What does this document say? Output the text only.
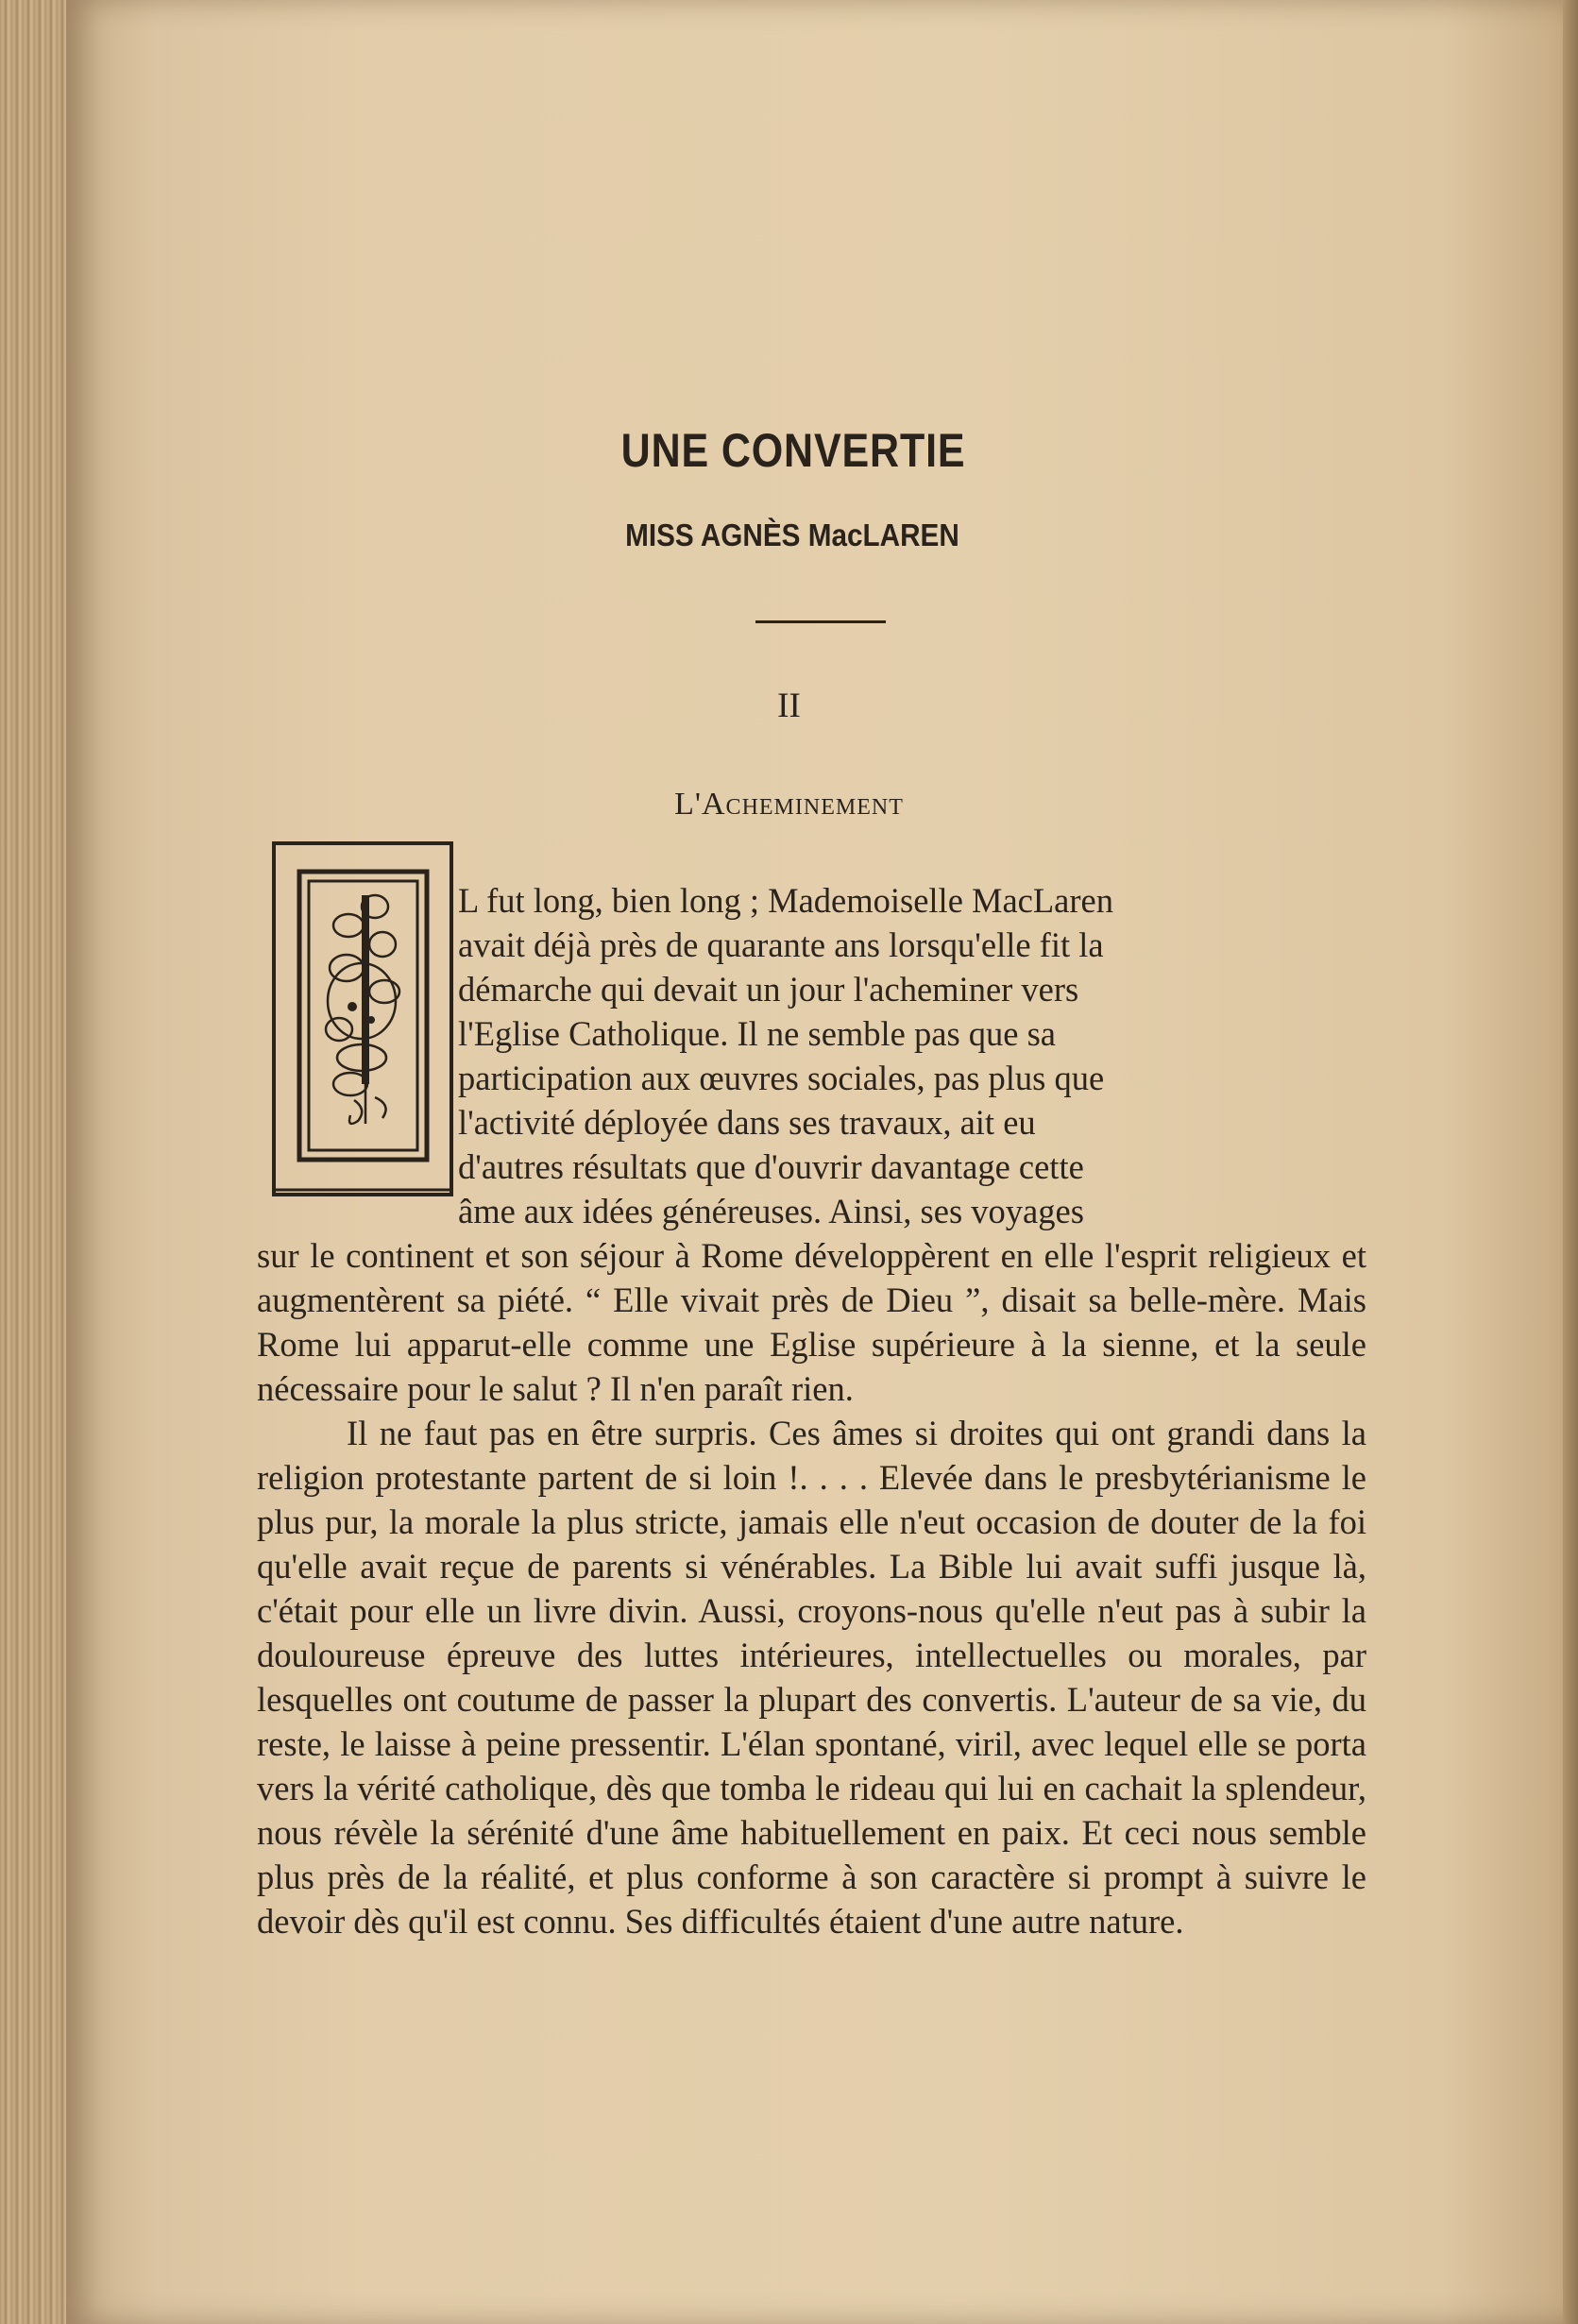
UNE CONVERTIE
MISS AGNÈS MacLAREN
II
L'Acheminement

L fut long, bien long ; Mademoiselle MacLaren
avait déjà près de quarante ans lorsqu'elle fit la
démarche qui devait un jour l'acheminer vers
l'Eglise Catholique. Il ne semble pas que sa
participation aux œuvres sociales, pas plus que
l'activité déployée dans ses travaux, ait eu
d'autres résultats que d'ouvrir davantage cette
âme aux idées généreuses. Ainsi, ses voyages
sur le continent et son séjour à Rome développèrent en elle l'esprit religieux et augmentèrent sa piété. “ Elle vivait près de Dieu ”, disait sa belle-mère. Mais Rome lui apparut-elle comme une Eglise supérieure à la sienne, et la seule nécessaire pour le salut ? Il n'en paraît rien.

Il ne faut pas en être surpris. Ces âmes si droites qui ont grandi dans la religion protestante partent de si loin !. . . . Elevée dans le presbytérianisme le plus pur, la morale la plus stricte, jamais elle n'eut occasion de douter de la foi qu'elle avait reçue de parents si vénérables. La Bible lui avait suffi jusque là, c'était pour elle un livre divin. Aussi, croyons-nous qu'elle n'eut pas à subir la douloureuse épreuve des luttes intérieures, intellectuelles ou morales, par lesquelles ont coutume de passer la plupart des convertis. L'auteur de sa vie, du reste, le laisse à peine pressentir. L'élan spontané, viril, avec lequel elle se porta vers la vérité catholique, dès que tomba le rideau qui lui en cachait la splendeur, nous révèle la sérénité d'une âme habituellement en paix. Et ceci nous semble plus près de la réalité, et plus conforme à son caractère si prompt à suivre le devoir dès qu'il est connu. Ses difficultés étaient d'une autre nature.
